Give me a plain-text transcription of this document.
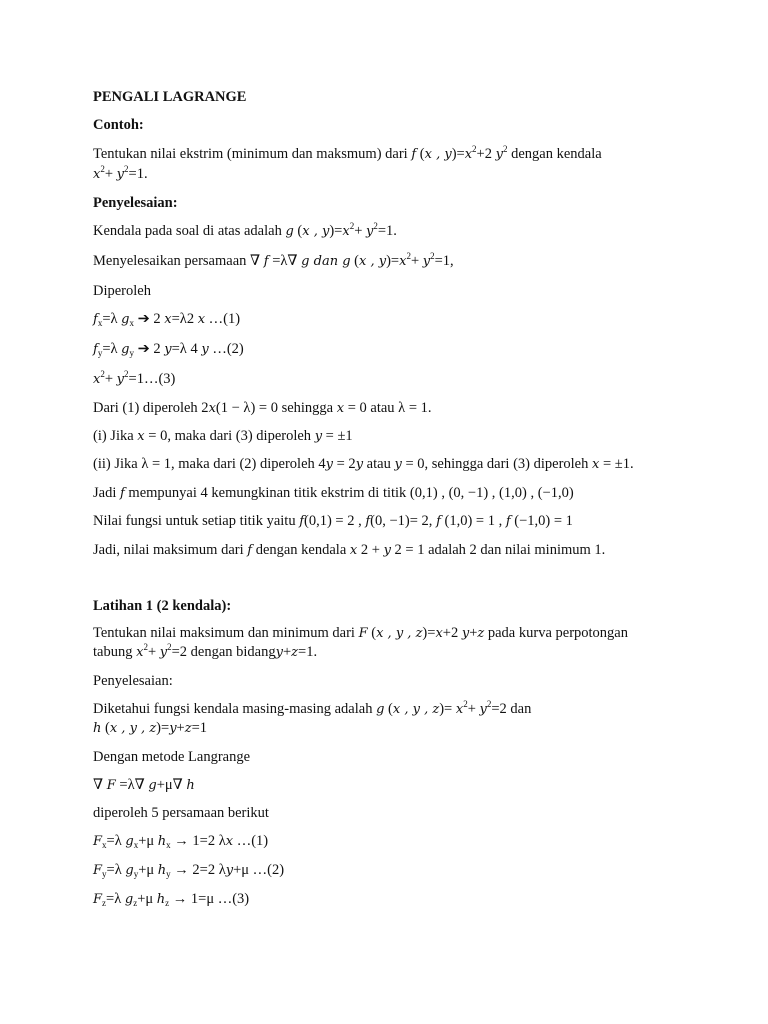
PENGALI LAGRANGE
Contoh:
Tentukan nilai ekstrim (minimum dan maksmum) dari f (x , $y)=x^2+2$ $y^2$ dengan kendala
$x^2+ y^2=1$.
Penyelesaian:
Kendala pada soal di atas adalah g (x , $y)=x^2+ y^2=1$.
Menyelesaikan persamaan ∇ f =λ∇ g dan g (x , $y)=x^2+ y^2=1$,
Diperoleh
$f_x=\lambda$ $g_x$ ➔ 2 x=λ2 x …(1)
$f_y=\lambda$ $g_y$ ➔ 2 y=λ 4 y …(2)
$x^2+$ $y^2=1\dots(3)$
Dari (1) diperoleh 2x(1 − λ) = 0 sehingga x = 0 atau λ = 1.
(i) Jika x = 0, maka dari (3) diperoleh y = ±1
(ii) Jika λ = 1, maka dari (2) diperoleh 4y = 2y atau y = 0, sehingga dari (3) diperoleh x = ±1.
Jadi f mempunyai 4 kemungkinan titik ekstrim di titik (0,1) , (0, −1) , (1,0) , (−1,0)
Nilai fungsi untuk setiap titik yaitu f(0,1) = 2 , f(0, −1)= 2, f (1,0) = 1 , f (−1,0) = 1
Jadi, nilai maksimum dari f dengan kendala x 2 + y 2 = 1 adalah 2 dan nilai minimum 1.
Latihan 1 (2 kendala):
Tentukan nilai maksimum dan minimum dari F (x , y , z)=x+2 y+z pada kurva perpotongan
tabung $x^2+ y^2=2$ dengan bidangy+z=1.
Penyelesaian:
Diketahui fungsi kendala masing-masing adalah g (x , y , $z)= x^2+ y^2=2$ dan
h (x , y , z)=y+z=1
Dengan metode Langrange
∇ F =λ∇ g+μ∇ h
diperoleh 5 persamaan berikut
$F_x=\lambda$ $g_x+\mu$ $h_x \to 1=2$ λx …(1)
$F_y=\lambda$ $g_y+\mu$ $h_y \to 2=2$ λy+μ …(2)
$F_z=\lambda$ $g_z+\mu$ $h_z \to 1=\mu$ …(3)
